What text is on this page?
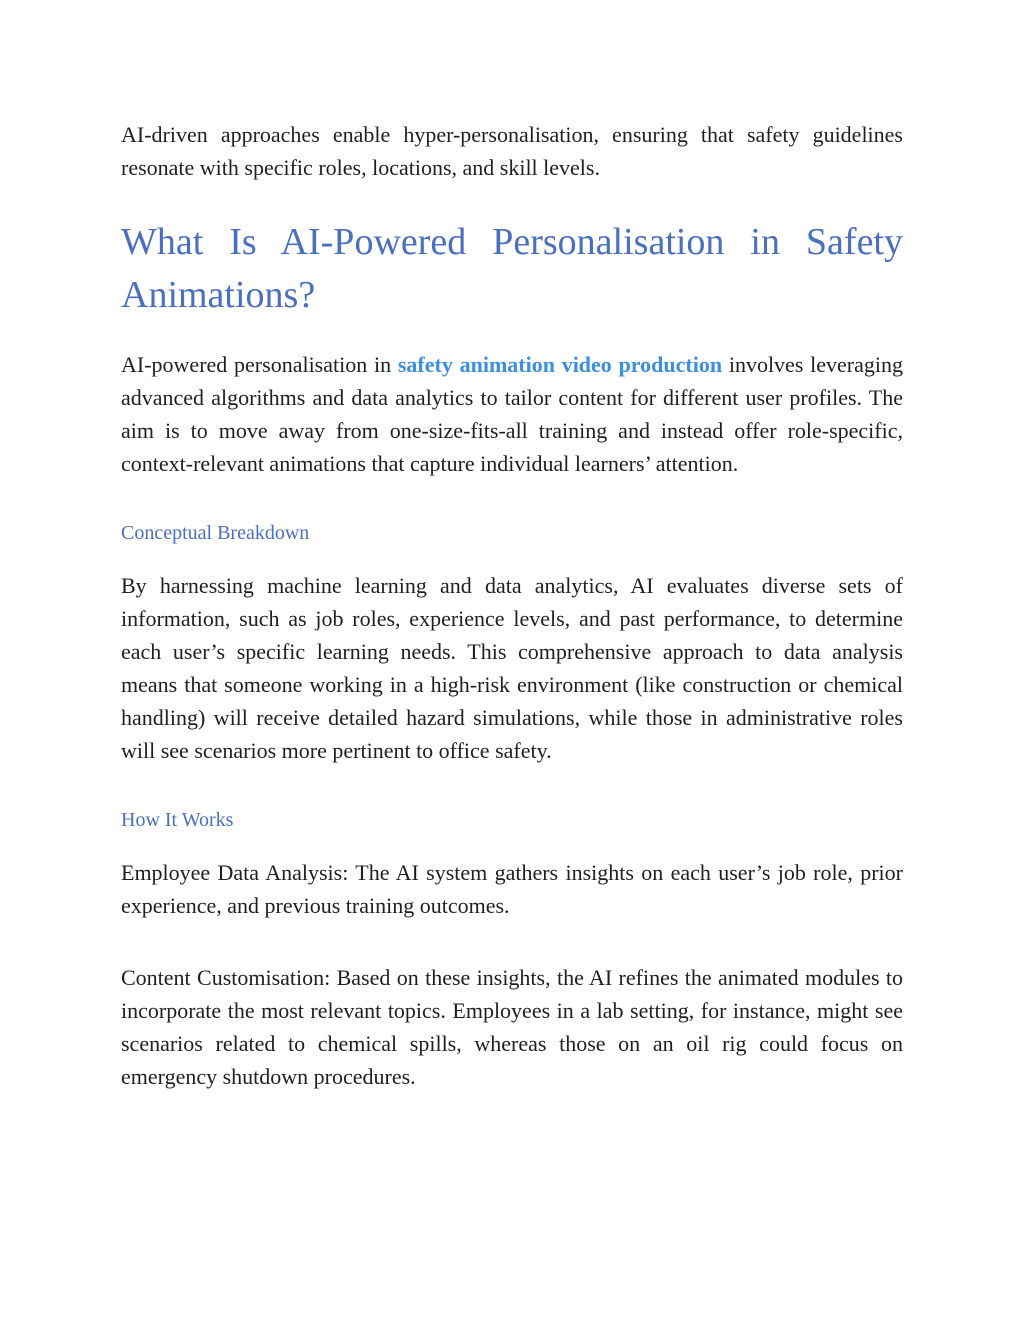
AI-driven approaches enable hyper-personalisation, ensuring that safety guidelines resonate with specific roles, locations, and skill levels.

What Is AI-Powered Personalisation in Safety Animations?

AI-powered personalisation in safety animation video production involves leveraging advanced algorithms and data analytics to tailor content for different user profiles. The aim is to move away from one-size-fits-all training and instead offer role-specific, context-relevant animations that capture individual learners’ attention.

Conceptual Breakdown

By harnessing machine learning and data analytics, AI evaluates diverse sets of information, such as job roles, experience levels, and past performance, to determine each user’s specific learning needs. This comprehensive approach to data analysis means that someone working in a high-risk environment (like construction or chemical handling) will receive detailed hazard simulations, while those in administrative roles will see scenarios more pertinent to office safety.

How It Works

Employee Data Analysis: The AI system gathers insights on each user’s job role, prior experience, and previous training outcomes.

Content Customisation: Based on these insights, the AI refines the animated modules to incorporate the most relevant topics. Employees in a lab setting, for instance, might see scenarios related to chemical spills, whereas those on an oil rig could focus on emergency shutdown procedures.
